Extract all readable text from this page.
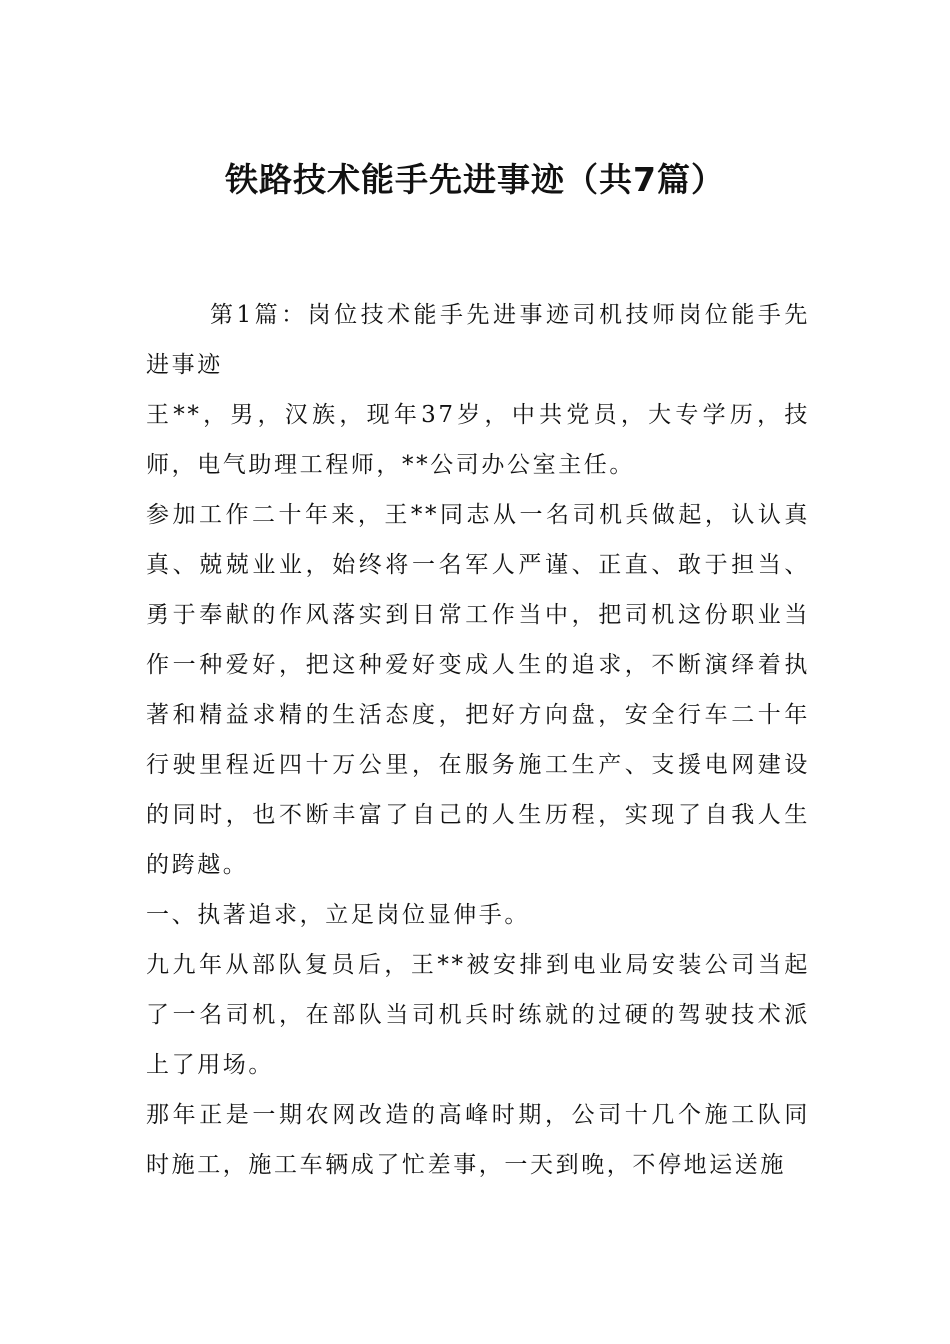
铁路技术能手先进事迹（共7篇）

第1篇：岗位技术能手先进事迹司机技师岗位能手先进事迹

王**，男，汉族，现年37岁，中共党员，大专学历，技师，电气助理工程师，**公司办公室主任。

参加工作二十年来，王**同志从一名司机兵做起，认认真真、兢兢业业，始终将一名军人严谨、正直、敢于担当、勇于奉献的作风落实到日常工作当中，把司机这份职业当作一种爱好，把这种爱好变成人生的追求，不断演绎着执著和精益求精的生活态度，把好方向盘，安全行车二十年行驶里程近四十万公里，在服务施工生产、支援电网建设的同时，也不断丰富了自己的人生历程，实现了自我人生的跨越。

一、执著追求，立足岗位显伸手。

九九年从部队复员后，王**被安排到电业局安装公司当起了一名司机，在部队当司机兵时练就的过硬的驾驶技术派上了用场。

那年正是一期农网改造的高峰时期，公司十几个施工队同时施工，施工车辆成了忙差事，一天到晚，不停地运送施
